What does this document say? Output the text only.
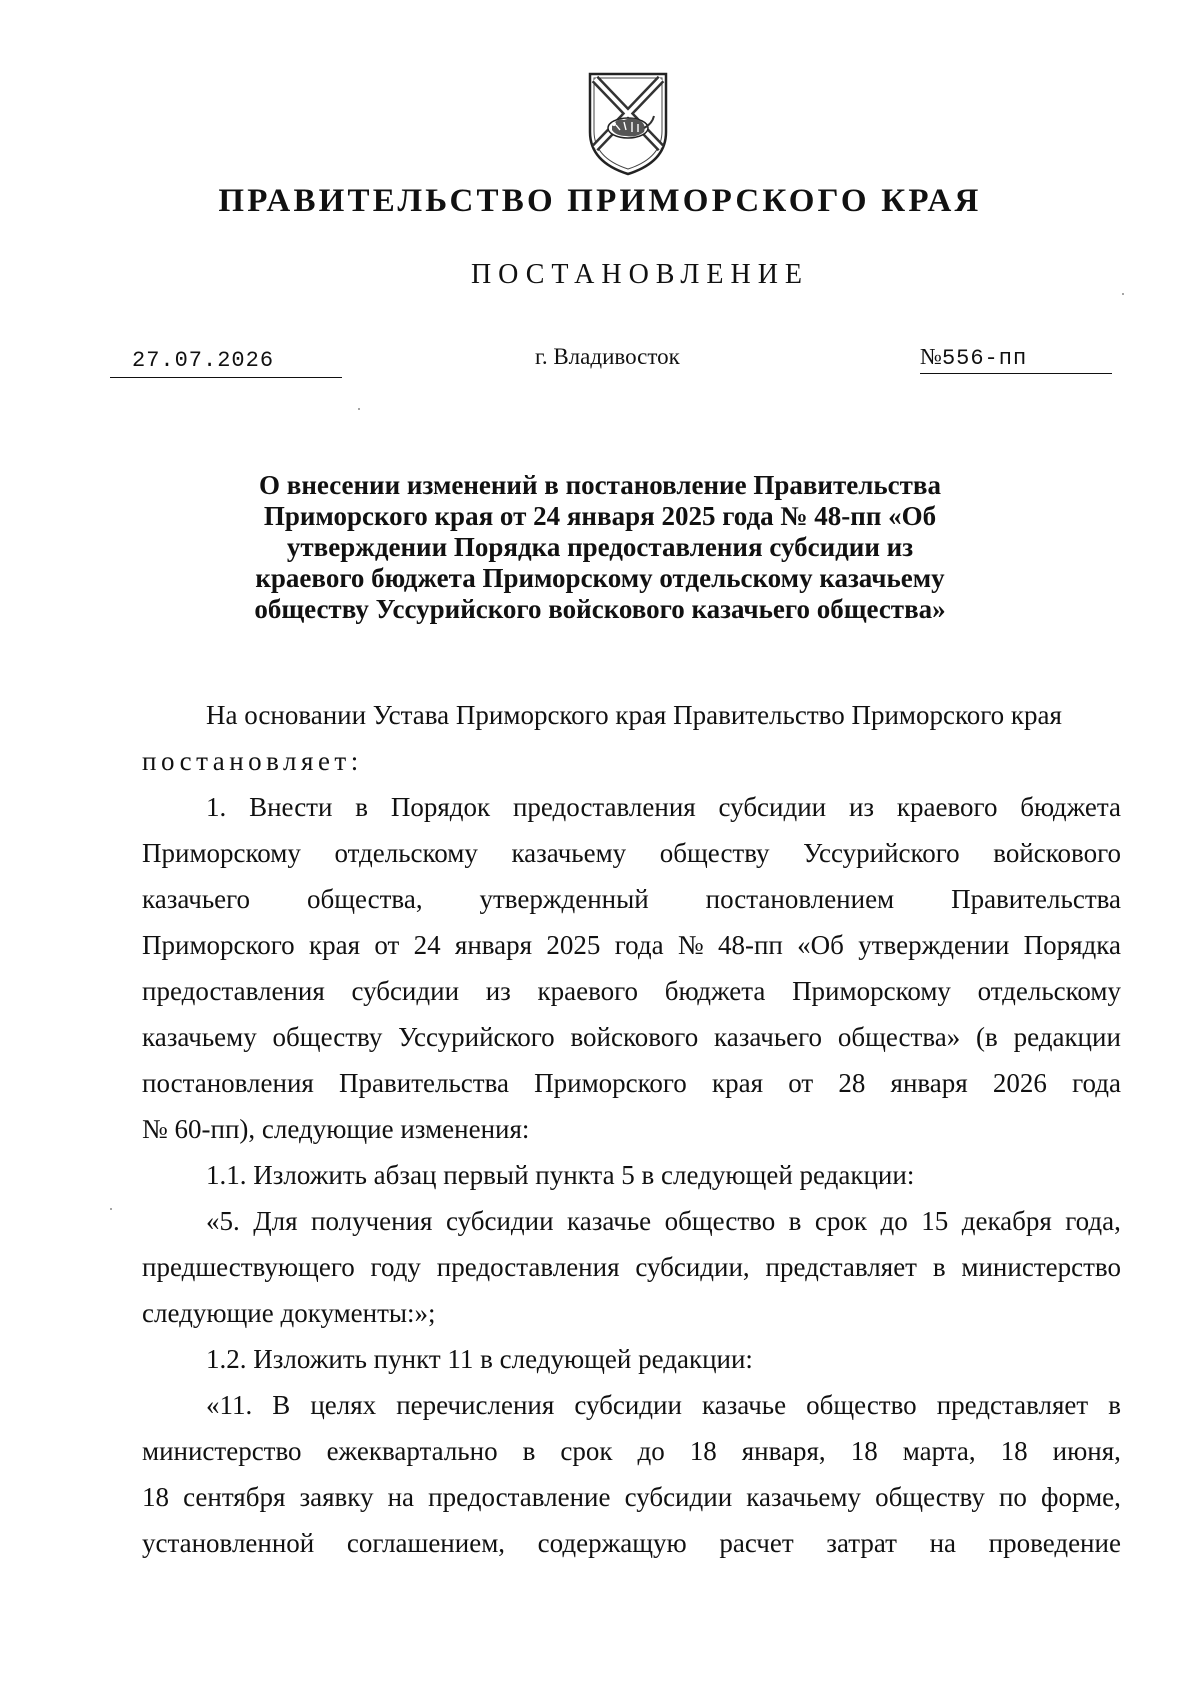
ПРАВИТЕЛЬСТВО ПРИМОРСКОГО КРАЯ
ПОСТАНОВЛЕНИЕ
27.07.2026	г. Владивосток	№556-пп
О внесении изменений в постановление Правительства
Приморского края от 24 января 2025 года № 48-пп «Об
утверждении Порядка предоставления субсидии из
краевого бюджета Приморскому отдельскому казачьему
обществу Уссурийского войскового казачьего общества»
На основании Устава Приморского края Правительство Приморского края
постановляет:
1. Внести в Порядок предоставления субсидии из краевого бюджета
Приморскому отдельскому казачьему обществу Уссурийского войскового
казачьего общества, утвержденный постановлением Правительства
Приморского края от 24 января 2025 года № 48-пп «Об утверждении Порядка
предоставления субсидии из краевого бюджета Приморскому отдельскому
казачьему обществу Уссурийского войскового казачьего общества» (в редакции
постановления Правительства Приморского края от 28 января 2026 года
№ 60-пп), следующие изменения:
1.1. Изложить абзац первый пункта 5 в следующей редакции:
«5. Для получения субсидии казачье общество в срок до 15 декабря года,
предшествующего году предоставления субсидии, представляет в министерство
следующие документы:»;
1.2. Изложить пункт 11 в следующей редакции:
«11. В целях перечисления субсидии казачье общество представляет в
министерство ежеквартально в срок до 18 января, 18 марта, 18 июня,
18 сентября заявку на предоставление субсидии казачьему обществу по форме,
установленной соглашением, содержащую расчет затрат на проведение
